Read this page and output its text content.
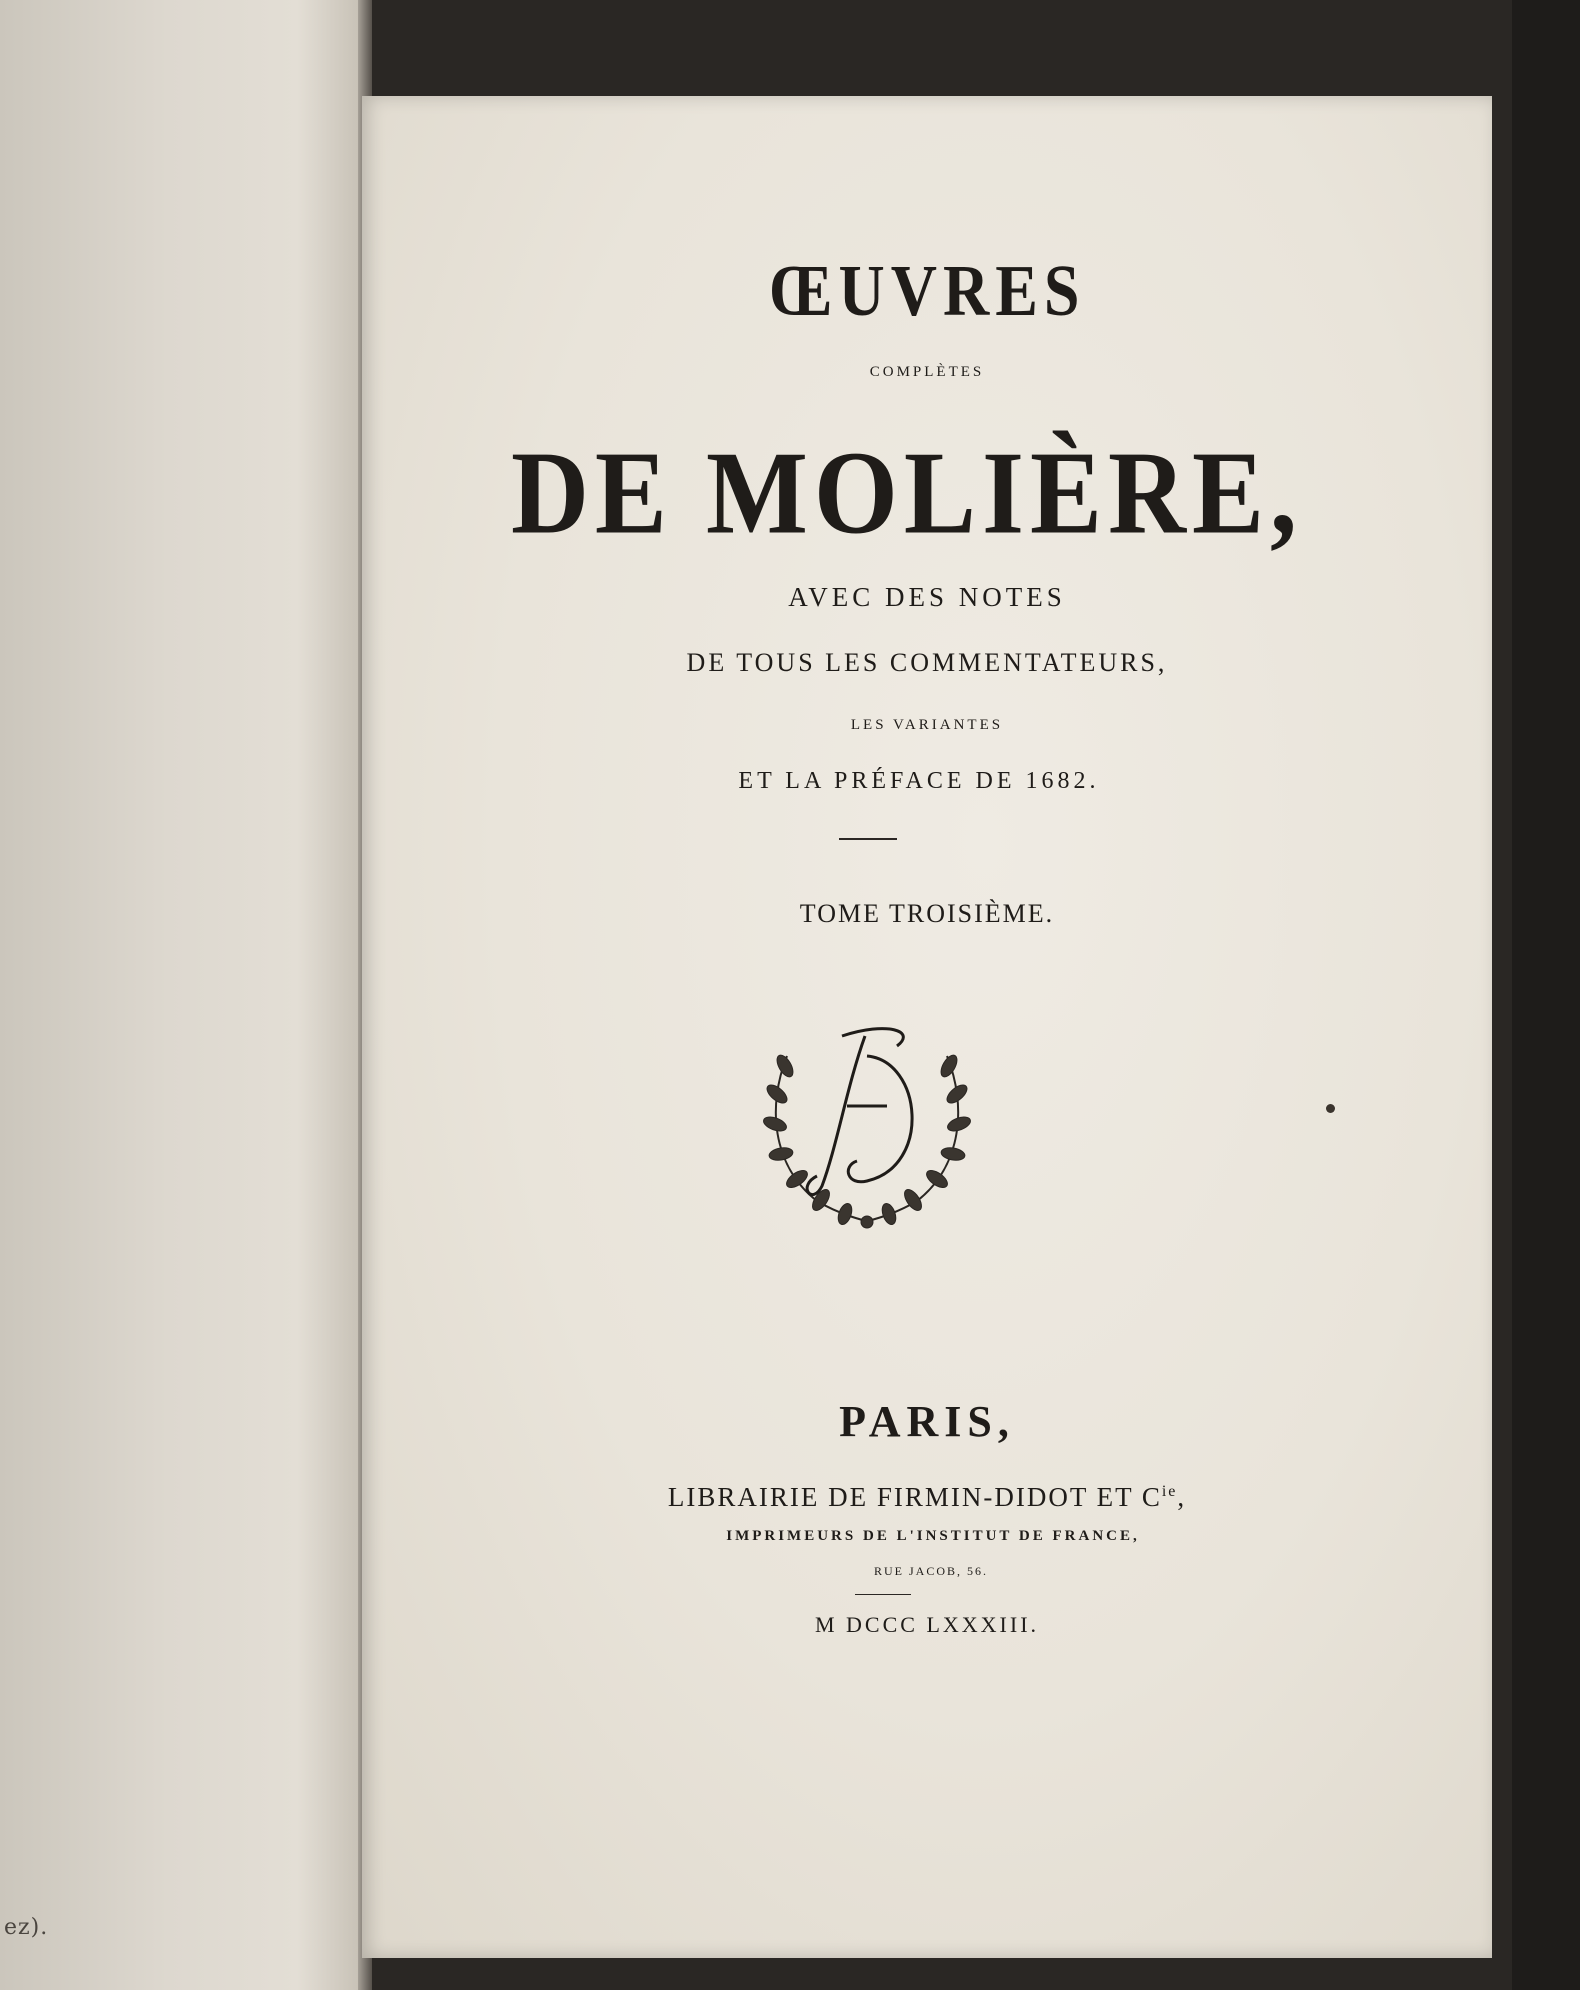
ez).
ŒUVRES
COMPLÈTES
DE MOLIÈRE,
AVEC DES NOTES
DE TOUS LES COMMENTATEURS,
LES VARIANTES
ET LA PRÉFACE DE 1682.
TOME TROISIÈME.
PARIS,
LIBRAIRIE DE FIRMIN-DIDOT ET $C^{ie}$,
IMPRIMEURS DE L'INSTITUT DE FRANCE,
RUE JACOB, 56.
M DCCC LXXXIII.
